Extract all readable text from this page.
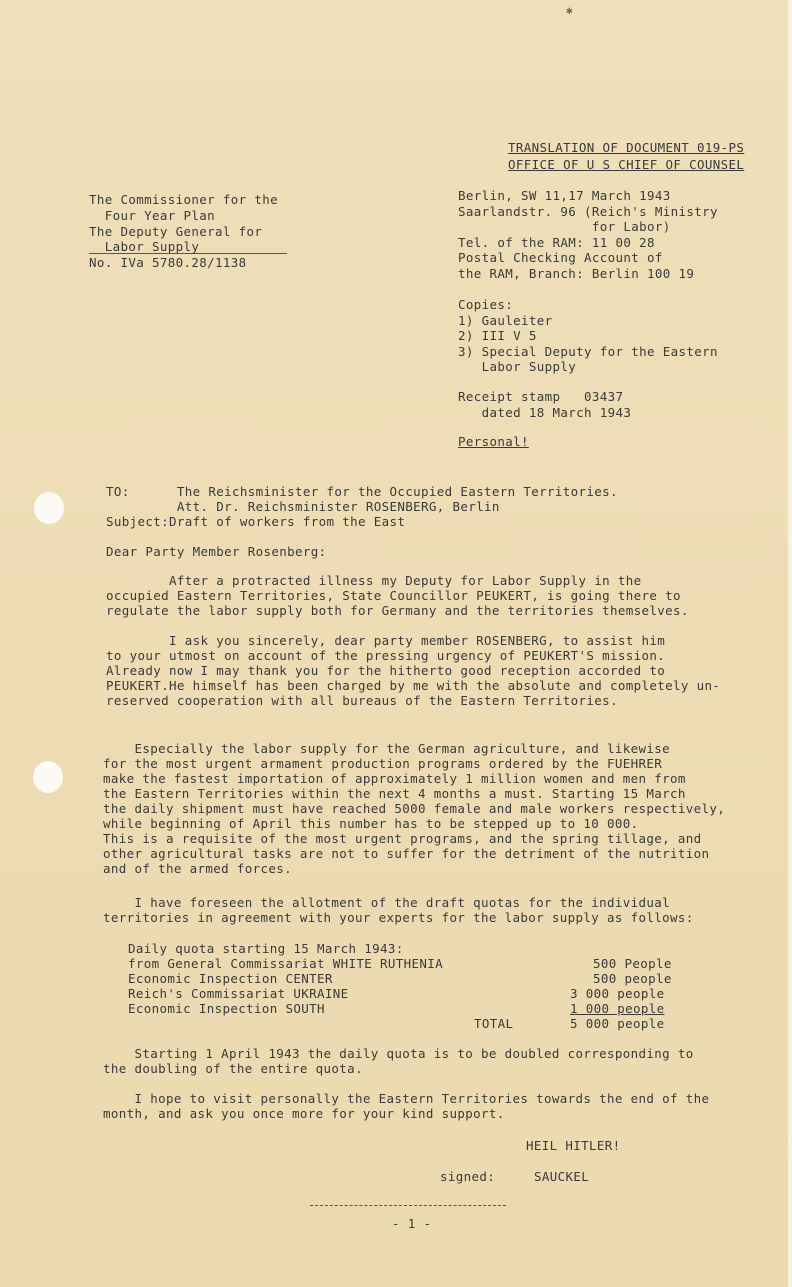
✱
TRANSLATION OF DOCUMENT 019-PS
OFFICE OF U S CHIEF OF COUNSEL
The Commissioner for the
Four Year Plan
The Deputy General for
Labor Supply
No. IVa 5780.28/1138
Berlin, SW 11,17 March 1943
Saarlandstr. 96 (Reich's Ministry
for Labor)
Tel. of the RAM: 11 00 28
Postal Checking Account of
the RAM, Branch: Berlin 100 19
Copies:
1) Gauleiter
2) III V 5
3) Special Deputy for the Eastern
Labor Supply
Receipt stamp   03437
dated 18 March 1943
Personal!
TO:      The Reichsminister for the Occupied Eastern Territories.
Att. Dr. Reichsminister ROSENBERG, Berlin
Subject:Draft of workers from the East
Dear Party Member Rosenberg:
After a protracted illness my Deputy for Labor Supply in the
occupied Eastern Territories, State Councillor PEUKERT, is going there to
regulate the labor supply both for Germany and the territories themselves.
I ask you sincerely, dear party member ROSENBERG, to assist him
to your utmost on account of the pressing urgency of PEUKERT'S mission.
Already now I may thank you for the hitherto good reception accorded to
PEUKERT.He himself has been charged by me with the absolute and completely un-
reserved cooperation with all bureaus of the Eastern Territories.
Especially the labor supply for the German agriculture, and likewise
for the most urgent armament production programs ordered by the FUEHRER
make the fastest importation of approximately 1 million women and men from
the Eastern Territories within the next 4 months a must. Starting 15 March
the daily shipment must have reached 5000 female and male workers respectively,
while beginning of April this number has to be stepped up to 10 000.
This is a requisite of the most urgent programs, and the spring tillage, and
other agricultural tasks are not to suffer for the detriment of the nutrition
and of the armed forces.
I have foreseen the allotment of the draft quotas for the individual
territories in agreement with your experts for the labor supply as follows:
Daily quota starting 15 March 1943:
from General Commissariat WHITE RUTHENIA	500 People
Economic Inspection CENTER	500 people
Reich's Commissariat UKRAINE	3 000 people
Economic Inspection SOUTH	1 000 people
TOTAL	5 000 people
Starting 1 April 1943 the daily quota is to be doubled corresponding to
the doubling of the entire quota.
I hope to visit personally the Eastern Territories towards the end of the
month, and ask you once more for your kind support.
HEIL HITLER!
signed:	SAUCKEL
- 1 -
